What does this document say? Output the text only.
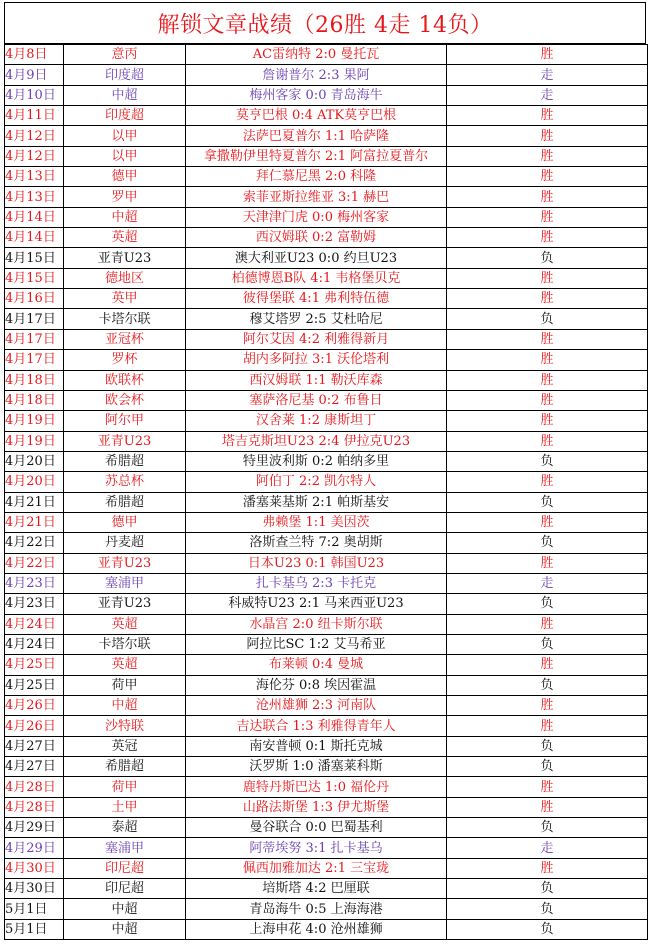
解锁文章战绩（26胜 4走 14负）
4月8日	意丙	AC雷纳特 2:0 曼托瓦	胜
4月9日	印度超	詹谢普尔 2:3 果阿	走
4月10日	中超	梅州客家 0:0 青岛海牛	走
4月11日	印度超	莫亨巴根 0:4 ATK莫亨巴根	胜
4月12日	以甲	法萨巴夏普尔 1:1 哈萨隆	胜
4月12日	以甲	拿撒勒伊里特夏普尔 2:1 阿富拉夏普尔	胜
4月13日	德甲	拜仁慕尼黑 2:0 科隆	胜
4月13日	罗甲	索菲亚斯拉维亚 3:1 赫巴	胜
4月14日	中超	天津津门虎 0:0 梅州客家	胜
4月14日	英超	西汉姆联 0:2 富勒姆	胜
4月15日	亚青U23	澳大利亚U23 0:0 约旦U23	负
4月15日	德地区	柏德博恩B队 4:1 韦格堡贝克	胜
4月16日	英甲	彼得堡联 4:1 弗利特伍德	胜
4月17日	卡塔尔联	穆艾塔罗 2:5 艾杜哈尼	负
4月17日	亚冠杯	阿尔艾因 4:2 利雅得新月	胜
4月17日	罗杯	胡内多阿拉 3:1 沃伦塔利	胜
4月18日	欧联杯	西汉姆联 1:1 勒沃库森	胜
4月18日	欧会杯	塞萨洛尼基 0:2 布鲁日	胜
4月19日	阿尔甲	汉舍莱 1:2 康斯坦丁	胜
4月19日	亚青U23	塔吉克斯坦U23 2:4 伊拉克U23	胜
4月20日	希腊超	特里波利斯 0:2 帕纳多里	负
4月20日	苏总杯	阿伯丁 2:2 凯尔特人	胜
4月21日	希腊超	潘塞莱基斯 2:1 帕斯基安	负
4月21日	德甲	弗赖堡 1:1 美因茨	胜
4月22日	丹麦超	洛斯查兰特 7:2 奥胡斯	负
4月22日	亚青U23	日本U23 0:1 韩国U23	胜
4月23日	塞浦甲	扎卡基乌 2:3 卡托克	走
4月23日	亚青U23	科威特U23 2:1 马来西亚U23	负
4月24日	英超	水晶宫 2:0 纽卡斯尔联	胜
4月24日	卡塔尔联	阿拉比SC 1:2 艾马希亚	负
4月25日	英超	布莱顿 0:4 曼城	胜
4月25日	荷甲	海伦芬 0:8 埃因霍温	负
4月26日	中超	沧州雄狮 2:3 河南队	胜
4月26日	沙特联	吉达联合 1:3 利雅得青年人	胜
4月27日	英冠	南安普顿 0:1 斯托克城	负
4月27日	希腊超	沃罗斯 1:0 潘塞莱科斯	负
4月28日	荷甲	鹿特丹斯巴达 1:0 福伦丹	胜
4月28日	土甲	山路法斯堡 1:3 伊尤斯堡	胜
4月29日	泰超	曼谷联合 0:0 巴蜀基利	负
4月29日	塞浦甲	阿蒂埃努 3:1 扎卡基乌	走
4月30日	印尼超	佩西加雅加达 2:1 三宝珑	胜
4月30日	印尼超	培斯塔 4:2 巴厘联	负
5月1日	中超	青岛海牛 0:5 上海海港	负
5月1日	中超	上海申花 4:0 沧州雄狮	负
